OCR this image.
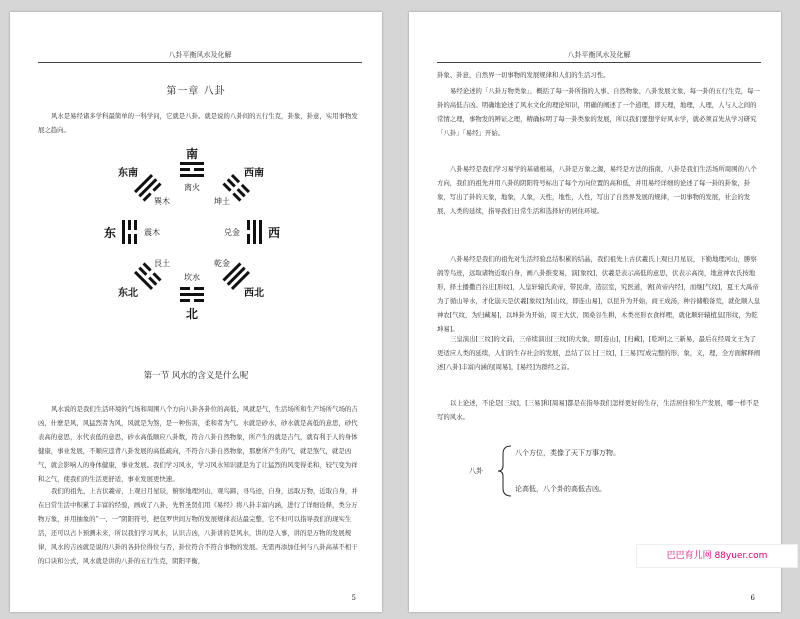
八卦平衡风水及化解
第一章 八卦

风水是易经诸多学科最简单的一科学问，它就是八卦。就是说的八卦间的五行生克，卦象，卦意，实用事物发展之趋向。

南
北
东	西
西南
西北
东北
东南
离火
坤土
兑金
乾金
坎水
艮土
震木
巽木
第一节 风水的含义是什么呢

风水说的是我们生活环境的气场和周围八个方向八卦各卦位的高低，风就是气，生活场所和生产场所气场的吉凶，什麽是风，风猛烈者为风，风就是为煞，是一种伤害，柔和者为气。水就是砂水，砂水就是高低的意思，砂代表高的意思，水代表低的意思，砂水高低顺应八卦数，符合八卦自然物象，所产生的就是吉气，就有利于人的身体健康，事业发展，不顺应违背八卦发展的高低疏向，不符合八卦自然物象，那麽所产生的气，就是煞气，就是凶气，就会影响人的身体健康，事业发展。我们学习风水，学习风水知识就是为了让猛烈的风变得柔和，较气变为祥和之气，使我们的生活更舒适，事业发展更快速。

我们的祖先，上古伏羲帝，上观日月星辰，俯察地理河山，观鸟蹄，寻鸟迹，自身，远取万物，近取自身，并在日常生活中积累了丰富的经验，画成了八卦，先哲圣贤们用《易经》将八卦丰富内涵，进行了详细诠释，类分万物万象，并用抽象的“一、一”阴阳符号，把包罗世间万物的发展规律表达最完整，它不但可以指导我们的现实生活，还可以占卜预测未来，所以我们学习风水，认识吉凶，八卦讲的是风水，讲的是人事，讲的是万物的发展规律，风水的吉凶就是说的八卦的各卦位得位与否，卦位符合不符合事物的发展。无需再添加任何与八卦高基不相干的口诀和公式，风水就是讲的八卦的五行生克，阴阳平衡，

5
八卦平衡风水及化解

卦象、卦意，自然界一切事物的发展规律和人们的生活习性。

易经论述的「八卦万物类象」，概括了每一卦所指的人事、自然物象、八卦发展文象，每一卦的五行生克，每一卦的高低吉凶。明确地论述了风水文化的理论知识，明确的阐述了一个道理，即天理，地理，人理，人与人之间的常情之理，事物发的辨证之理，精确标明了每一卦类象的发展，所以我们要想学好风水学，就必须首先从学习研究「八卦」「易经」开始。

八卦易经是我们学习易学的基础根基，八卦是万象之源，易经是方法的指南，八卦是我们生活场所周围的八个方向，我们的祖先并用八卦的阴阳符号标出了每个方向位置的高和低，并用易经详细的论述了每一卦的卦象，卦象，写出了卦的天象，地象，人象，天性，地性，人性，写出了自然界发展的规律，一切事物的发展，社会的发展，人类的延续，指导我们日常生活和选择好的居住环境。

八卦易经是我们的祖先对生活经验总结积累的结晶，我们祖先上古伏羲氏上观日月星辰，下勤地理河山，勝察鸽等鸟迹，远取诸物近取自身，画八卦推变易，演[象纹]，伏羲是表示高低的意思，伏表示高岗，地意神农氏按地形，择土播撒百谷庄[形纹]，人皇轩辕氏黄帝，带民命，造层室，究医道，著[黄帝内经]，而继[气纹]，夏王大禹帝为了循山导水，才化崩天是伏羲[象纹]为[山纹，即连山易]，以昆升为开始，商王成汤，种谷储粮备荒，就化顺人皇神农[气纹，为归藏易]，以坤卦为开始，周王大伏，囡桑谷生耕，木类亮形衣食样哩，就化顺轩辕植皇[形纹，为乾坤易]。

三皇演出[三纹]的文前，三帝续演出[三纹]的大象，即[连山]，[归藏]，[乾坤]之三新易，最后在经周文王为了更适应人类的延续，人们的生存社会的发展，总结了以上[三纹]，[三易]写成完整的形，象，义，理，全方面解释阐述[八卦]丰富内涵的[周易]，[易经]为群经之首。

以上论述，不论是[三纹]，[三易]和[周易]都是在指导我们怎样更好的生存，生活居住和生产发展，哪一样不是写的风水。

八卦
八个方位，类像了天下万事万物。
论高低，八个卦的高低吉凶。
6
巴巴育儿网 88yuer.com
